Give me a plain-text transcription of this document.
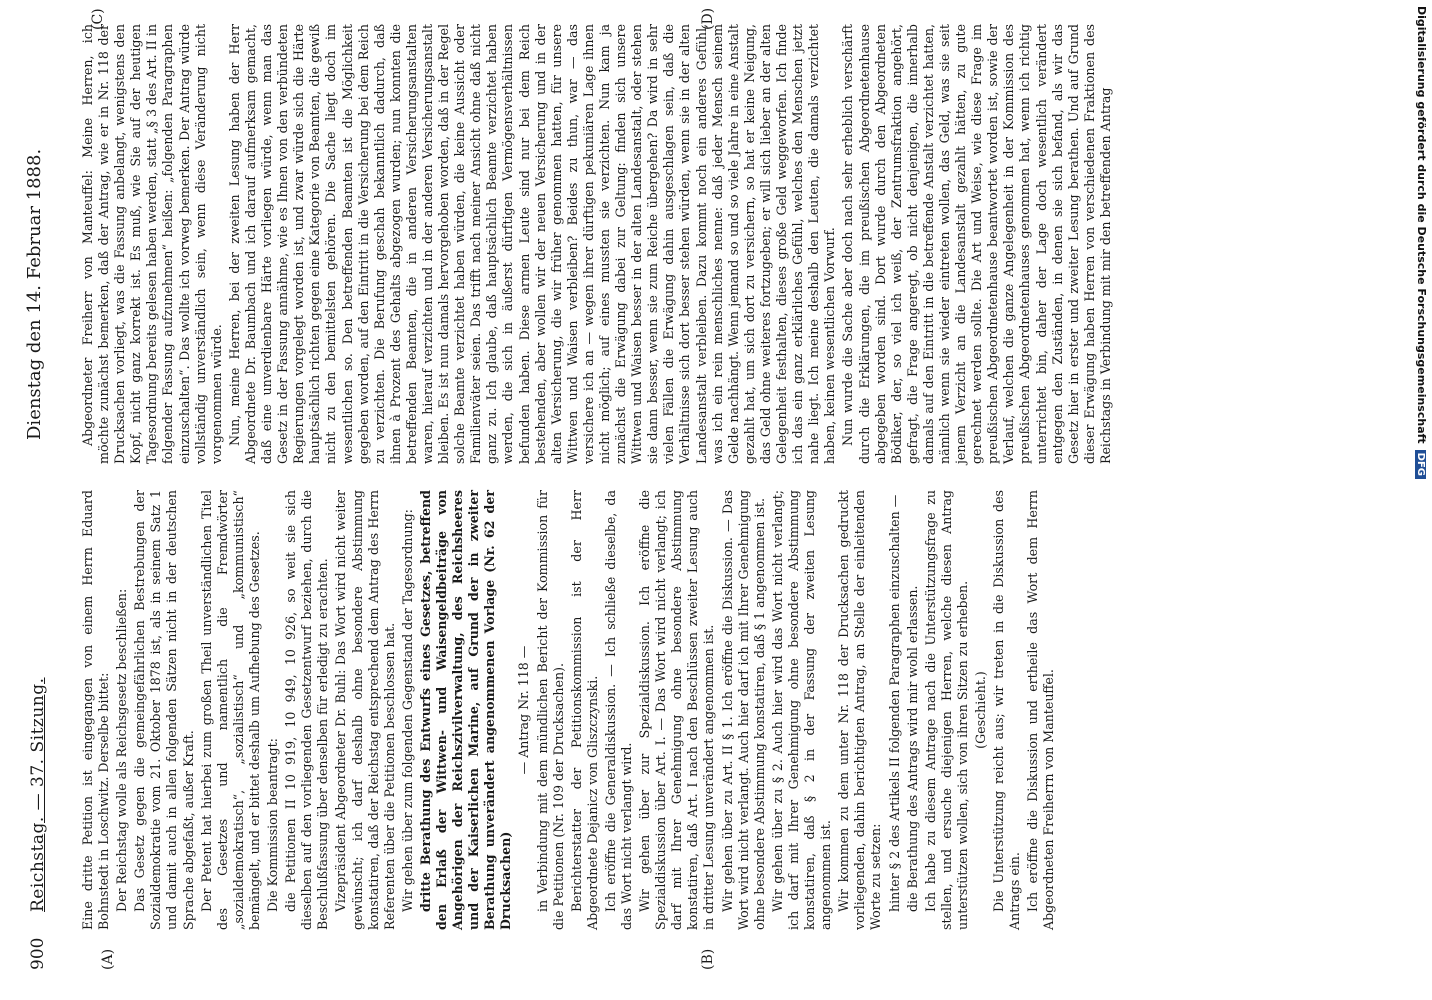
900
Reichstag. — 37. Sitzung.
Dienstag den 14. Februar 1888.
(A)	(B)
(C)	(D)

Eine dritte Petition ist eingegangen von einem Herrn Eduard Bohnstedt in Loschwitz. Derselbe bittet: Der Reichstag wolle als Reichsgesetz beschließen: Das Gesetz gegen die gemeingefährlichen Bestrebungen der Sozialdemokratie vom 21. Oktober 1878 ist, als in seinem Satz 1 und damit auch in allen folgenden Sätzen nicht in der deutschen Sprache abgefaßt, außer Kraft. Der Petent hat hierbei zum großen Theil unverständlichen Titel des Gesetzes und namentlich die Fremdwörter „sozialdemokratisch“, „sozialistisch“ und „kommunistisch“ bemängelt, und er bittet deshalb um Aufhebung des Gesetzes. Die Kommission beantragt: die Petitionen II 10 919, 10 949, 10 926, so weit sie sich dieselben auf den vorliegenden Gesetzentwurf beziehen, durch die Beschlußfassung über denselben für erledigt zu erachten. Vizepräsident Abgeordneter Dr. Buhl: Das Wort wird nicht weiter gewünscht; ich darf deshalb ohne besondere Abstimmung konstatiren, daß der Reichstag entsprechend dem Antrag des Herrn Referenten über die Petitionen beschlossen hat. Wir gehen über zum folgenden Gegenstand der Tagesordnung: dritte Berathung des Entwurfs eines Gesetzes, betreffend den Erlaß der Wittwen- und Waisengeldbeiträge von Angehörigen der Reichszivilverwaltung, des Reichsheeres und der Kaiserlichen Marine, auf Grund der in zweiter Berathung unverändert angenommenen Vorlage (Nr. 62 der Drucksachen)

— Antrag Nr. 118 — in Verbindung mit dem mündlichen Bericht der Kommission für die Petitionen (Nr. 109 der Drucksachen). Berichterstatter der Petitionskommission ist der Herr Abgeordnete Dejanicz von Gliszczynski. Ich eröffne die Generaldiskussion. — Ich schließe dieselbe, da das Wort nicht verlangt wird. Wir gehen über zur Spezialdiskussion. Ich eröffne die Spezialdiskussion über Art. I. — Das Wort wird nicht verlangt; ich darf mit Ihrer Genehmigung ohne besondere Abstimmung konstatiren, daß Art. I nach den Beschlüssen zweiter Lesung auch in dritter Lesung unverändert angenommen ist. Wir gehen über zu Art. II § 1. Ich eröffne die Diskussion. — Das Wort wird nicht verlangt. Auch hier darf ich mit Ihrer Genehmigung ohne besondere Abstimmung konstatiren, daß § 1 angenommen ist. Wir gehen über zu § 2. Auch hier wird das Wort nicht verlangt; ich darf mit Ihrer Genehmigung ohne besondere Abstimmung konstatiren, daß § 2 in der Fassung der zweiten Lesung angenommen ist. Wir kommen zu dem unter Nr. 118 der Drucksachen gedruckt vorliegenden, dahin berichtigten Antrag, an Stelle der einleitenden Worte zu setzen: hinter § 2 des Artikels II folgenden Paragraphen einzuschalten — die Berathung des Antrags wird mir wohl erlassen. Ich habe zu diesem Antrage nach die Unterstützungsfrage zu stellen, und ersuche diejenigen Herren, welche diesen Antrag unterstützen wollen, sich von ihren Sitzen zu erheben. (Geschieht.) Die Unterstützung reicht aus; wir treten in die Diskussion des Antrags ein. Ich eröffne die Diskussion und ertheile das Wort dem Herrn Abgeordneten Freiherrn von Manteuffel.

Abgeordneter Freiherr von Manteuffel: Meine Herren, ich möchte zunächst bemerken, daß der Antrag, wie er in Nr. 118 der Drucksachen vorliegt, was die Fassung anbelangt, wenigstens den Kopf, nicht ganz korrekt ist. Es muß, wie Sie auf der heutigen Tagesordnung bereits gelesen haben werden, statt „§ 3 des Art. II in folgender Fassung aufzunehmen“ heißen: „folgenden Paragraphen einzuschalten“. Das wollte ich vorweg bemerken. Der Antrag würde vollständig unverständlich sein, wenn diese Veränderung nicht vorgenommen würde. Nun, meine Herren, bei der zweiten Lesung haben der Herr Abgeordnete Dr. Baumbach und ich darauf aufmerksam gemacht, daß eine unverdienbare Härte vorliegen würde, wenn man das Gesetz in der Fassung annähme, wie es Ihnen von den verbündeten Regierungen vorgelegt worden ist, und zwar würde sich die Härte hauptsächlich richten gegen eine Kategorie von Beamten, die gewiß nicht zu den bemittelsten gehören. Die Sache liegt doch im wesentlichen so. Den betreffenden Beamten ist die Möglichkeit gegeben worden, auf den Eintritt in die Versicherung bei dem Reich zu verzichten. Die Berufung geschah bekanntlich dadurch, daß ihnen à Prozent des Gehalts abgezogen wurden; nun konnten die betreffenden Beamten, die in anderen Versicherungsanstalten waren, hierauf verzichten und in der anderen Versicherungsanstalt bleiben. Es ist nun damals hervorgehoben worden, daß in der Regel solche Beamte verzichtet haben würden, die keine Aussicht oder Familienväter seien. Das trifft nach meiner Ansicht ohne daß nicht ganz zu. Ich glaube, daß hauptsächlich Beamte verzichtet haben werden, die sich in äußerst dürftigen Vermögensverhältnissen befunden haben. Diese armen Leute sind nur bei dem Reich bestehenden, aber wollen wir der neuen Versicherung und in der alten Versicherung, die wir früher genommen hatten, für unsere Wittwen und Waisen verbleiben? Beides zu thun, war — das versichere ich an — wegen ihrer dürftigen pekuniären Lage ihnen nicht möglich; auf eines mussten sie verzichten. Nun kam ja zunächst die Erwägung dabei zur Geltung: finden sich unsere Wittwen und Waisen besser in der alten Landesanstalt, oder stehen sie dann besser, wenn sie zum Reiche übergehen? Da wird in sehr vielen Fällen die Erwägung dahin ausgeschlagen sein, daß die Verhältnisse sich dort besser stehen würden, wenn sie in der alten Landesanstalt verbleiben. Dazu kommt noch ein anderes Gefühl, was ich ein rein menschliches nenne: daß jeder Mensch seinem Gelde nachhängt. Wenn jemand so und so viele Jahre in eine Anstalt gezahlt hat, um sich dort zu versichern, so hat er keine Neigung, das Geld ohne weiteres fortzugeben; er will sich lieber an der alten Gelegenheit festhalten, dieses große Geld weggeworfen. Ich finde ich das ein ganz erklärliches Gefühl, welches den Menschen jetzt nahe liegt. Ich meine deshalb den Leuten, die damals verzichtet haben, keinen wesentlichen Vorwurf. Nun wurde die Sache aber doch nach sehr erheblich verschärft durch die Erklärungen, die im preußischen Abgeordnetenhause abgegeben worden sind. Dort wurde durch den Abgeordneten Bödiker, der, so viel ich weiß, der Zentrumsfraktion angehört, gefragt, die Frage angeregt, ob nicht denjenigen, die innerhalb damals auf den Eintritt in die betreffende Anstalt verzichtet hatten, nämlich wenn sie wieder eintreten wollen, das Geld, was sie seit jenem Verzicht an die Landesanstalt gezahlt hätten, zu gute gerechnet werden sollte. Die Art und Weise, wie diese Frage im preußischen Abgeordnetenhause beantwortet worden ist, sowie der Verlauf, welchen die ganze Angelegenheit in der Kommission des preußischen Abgeordnetenhauses genommen hat, wenn ich richtig unterrichtet bin, daher der Lage doch wesentlich verändert entgegen den Zuständen, in denen sie sich befand, als wir das Gesetz hier in erster und zweiter Lesung berathen. Und auf Grund dieser Erwägung haben Herren von verschiedenen Fraktionen des Reichstags in Verbindung mit mir den betreffenden Antrag	Digitalisierung gefördert durch die Deutsche ForschungsgemeinschaftDFG
